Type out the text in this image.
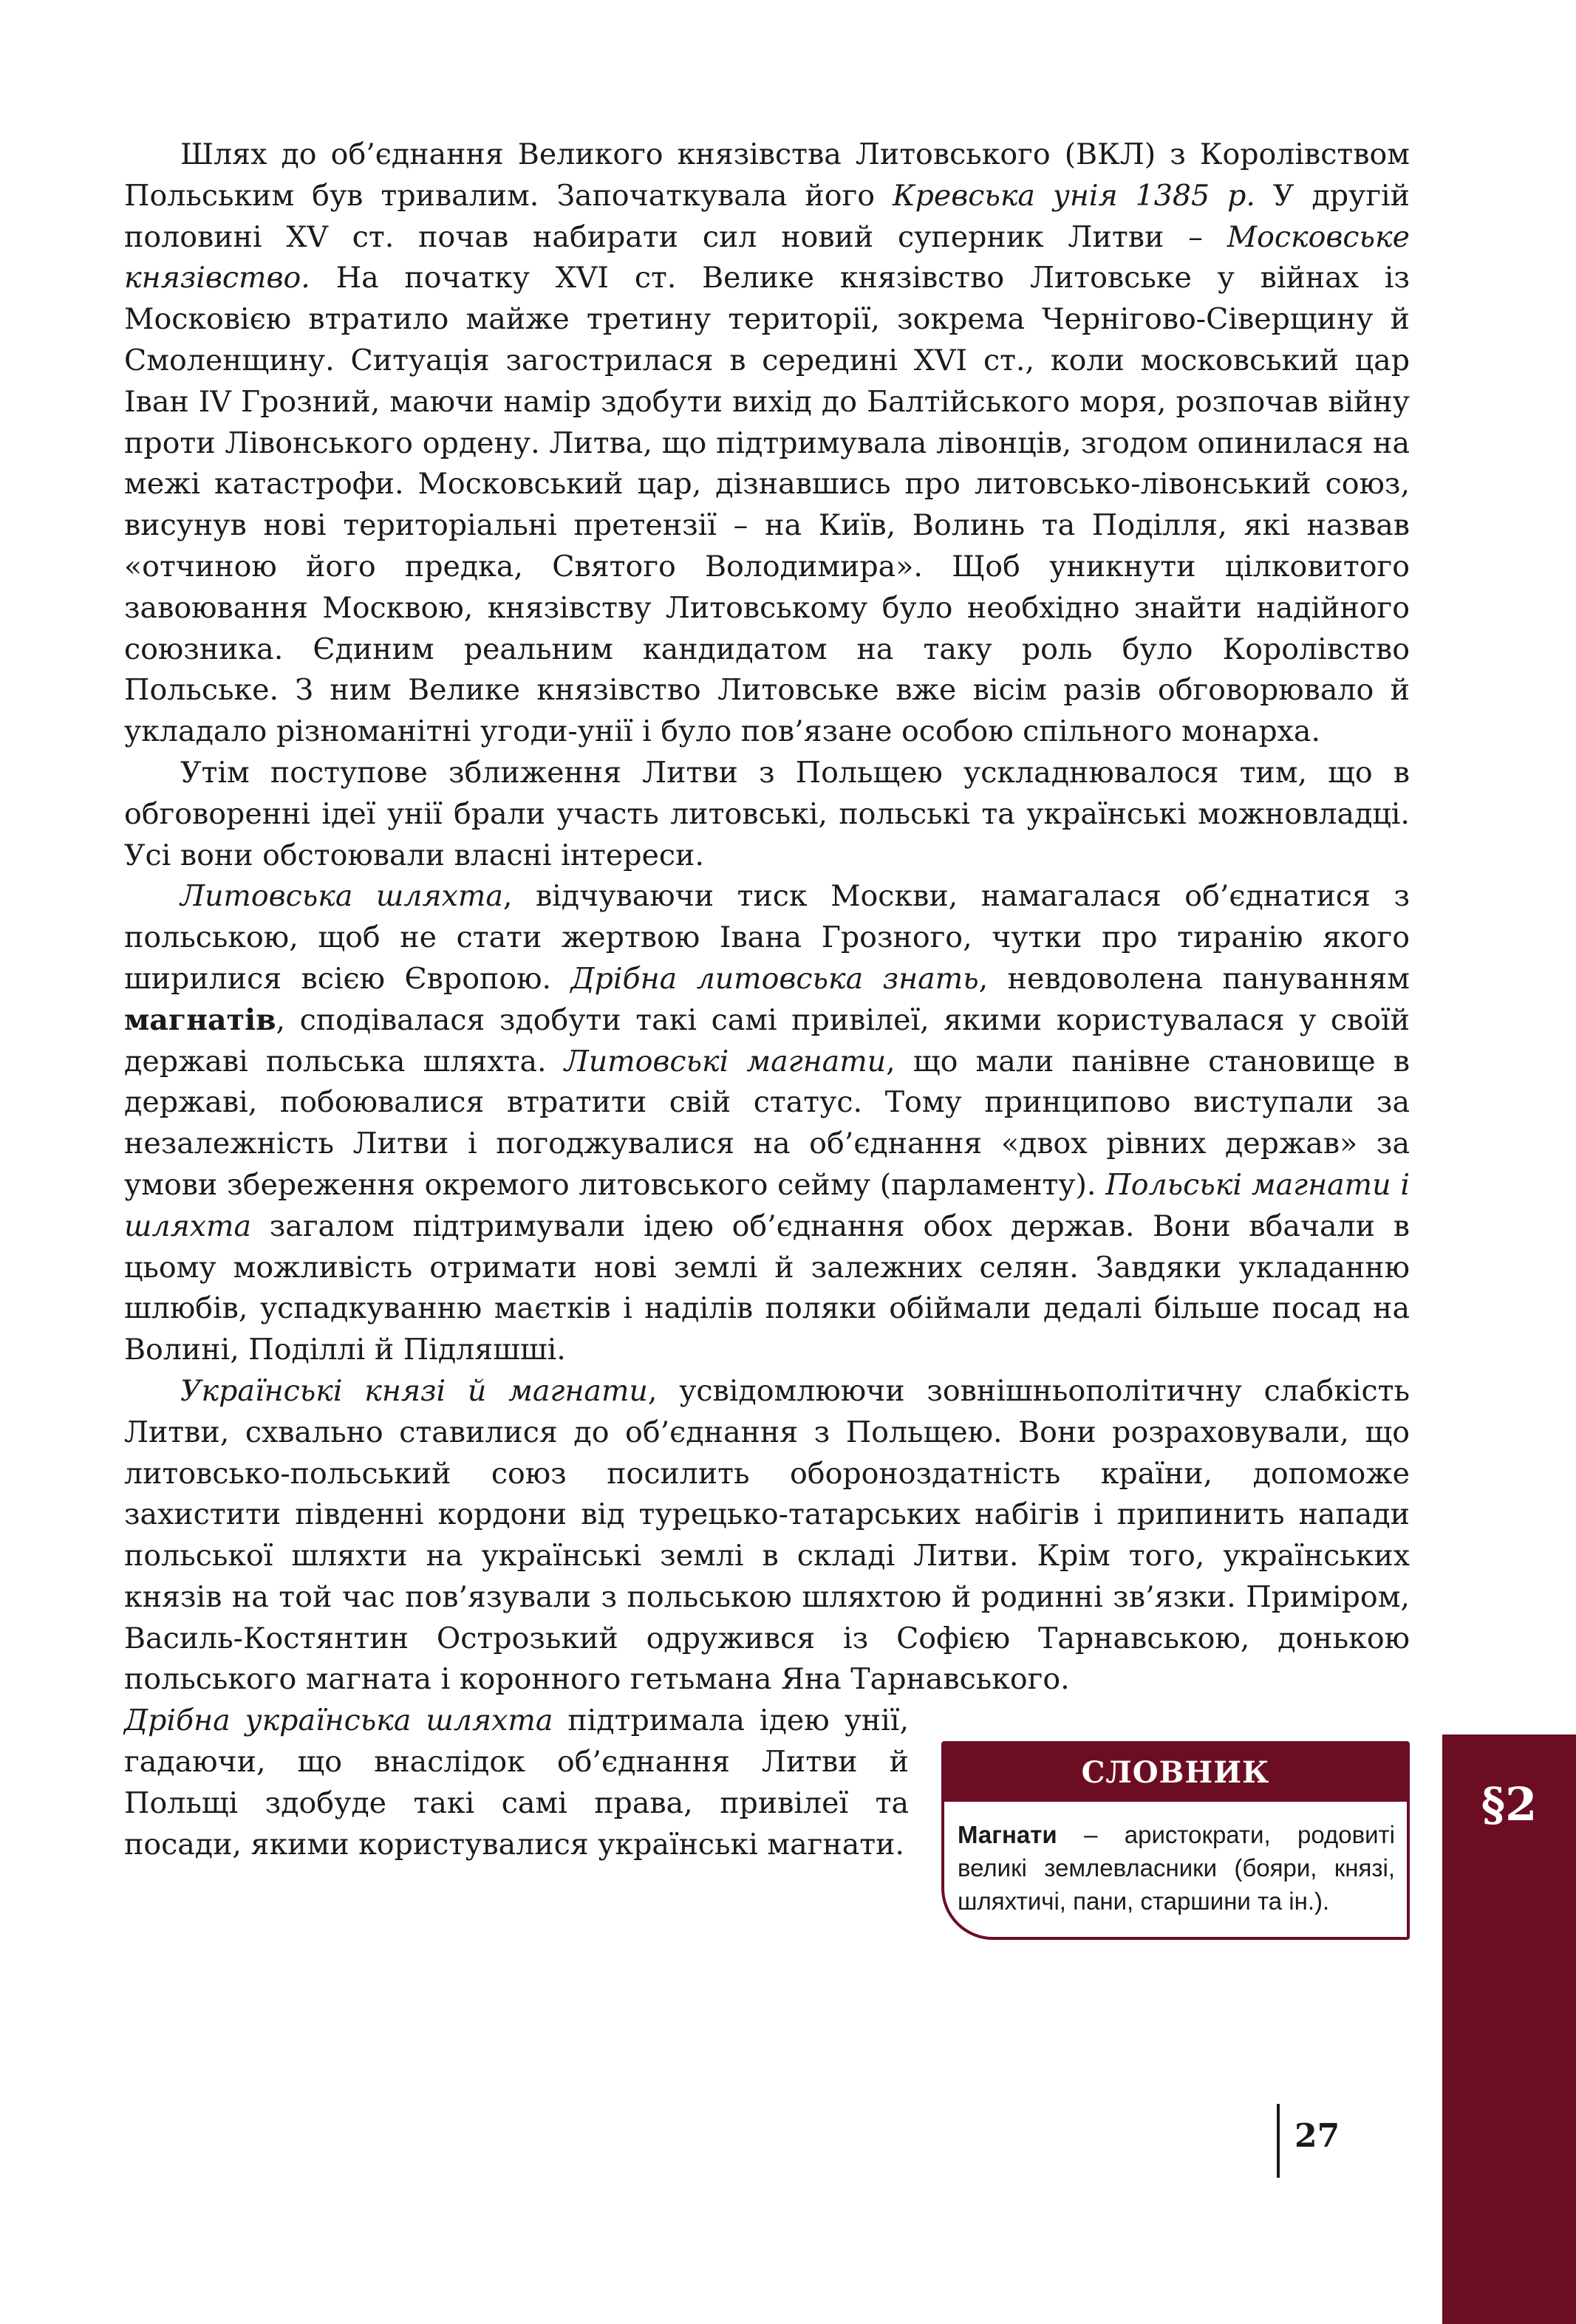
Шлях до об’єднання Великого князівства Литовського (ВКЛ) з Королівством Польським був тривалим. Започаткувала його Кревська унія 1385 р. У другій половині XV ст. почав набирати сил новий суперник Литви – Московське князівство. На початку XVI ст. Велике князівство Литовське у війнах із Московією втратило майже третину території, зокрема Чернігово-Сіверщину й Смоленщину. Ситуація загострилася в середині XVI ст., коли московський цар Іван IV Грозний, маючи намір здобути вихід до Балтійського моря, розпочав війну проти Лівонського ордену. Литва, що підтримувала лівонців, згодом опинилася на межі катастрофи. Московський цар, дізнавшись про литовсько-лівонський союз, висунув нові територіальні претензії – на Київ, Волинь та Поділля, які назвав «отчиною його предка, Святого Володимира». Щоб уникнути цілковитого завоювання Москвою, князівству Литовському було необхідно знайти надійного союзника. Єдиним реальним кандидатом на таку роль було Королівство Польське. З ним Велике князівство Литовське вже вісім разів обговорювало й укладало різноманітні угоди-унії і було пов’язане особою спільного монарха.

Утім поступове зближення Литви з Польщею ускладнювалося тим, що в обговоренні ідеї унії брали участь литовські, польські та українські можновладці. Усі вони обстоювали власні інтереси.

Литовська шляхта, відчуваючи тиск Москви, намагалася об’єднатися з польською, щоб не стати жертвою Івана Грозного, чутки про тиранію якого ширилися всією Європою. Дрібна литовська знать, невдоволена пануванням магнатів, сподівалася здобути такі самі привілеї, якими користувалася у своїй державі польська шляхта. Литовські магнати, що мали панівне становище в державі, побоювалися втратити свій статус. Тому принципово виступали за незалежність Литви і погоджувалися на об’єднання «двох рівних держав» за умови збереження окремого литовського сейму (парламенту). Польські магнати і шляхта загалом підтримували ідею об’єднання обох держав. Вони вбачали в цьому можливість отримати нові землі й залежних селян. Завдяки укладанню шлюбів, успадкуванню маєтків і наділів поляки обіймали дедалі більше посад на Волині, Поділлі й Підляшші.

Українські князі й магнати, усвідомлюючи зовнішньополітичну слабкість Литви, схвально ставилися до об’єднання з Польщею. Вони розраховували, що литовсько-польський союз посилить обороноздатність країни, допоможе захистити південні кордони від турецько-татарських набігів і припинить напади польської шляхти на українські землі в складі Литви. Крім того, українських князів на той час пов’язували з польською шляхтою й родинні зв’язки. Приміром, Василь-Костянтин Острозький одружився із Софією Тарнавською, донькою польського магната і коронного гетьмана Яна Тарнавського.

СЛОВНИК
Магнати – аристократи, родовиті великі землевласники (бояри, князі, шляхтичі, пани, старшини та ін.).
Дрібна українська шляхта підтримала ідею унії, гадаючи, що внаслідок об’єднання Литви й Польщі здобуде такі самі права, привілеї та посади, якими користувалися українські магнати.

§2
27
